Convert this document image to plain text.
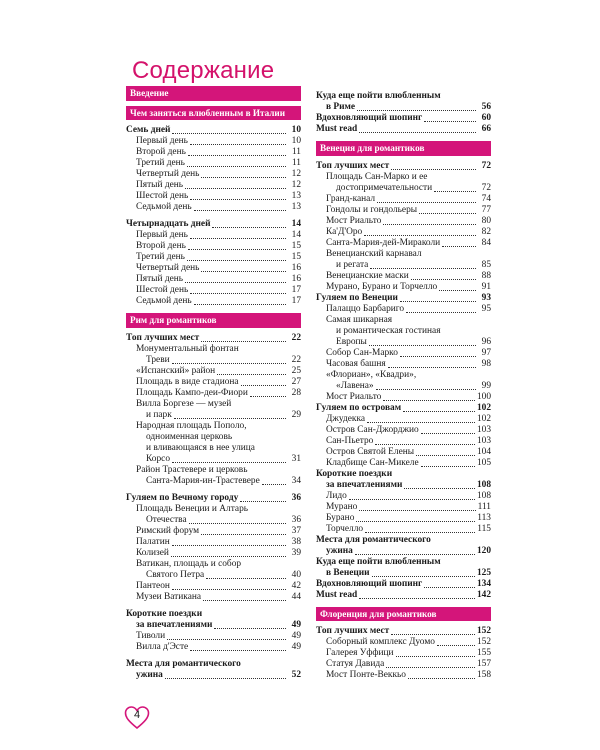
Содержание
Введение
Чем заняться влюбленным в Италии
Семь дней	10
Первый день	10
Второй день	11
Третий день	11
Четвертый день	12
Пятый день	12
Шестой день	13
Седьмой день	13
Четырнадцать дней	14
Первый день	14
Второй день	15
Третий день	15
Четвертый день	16
Пятый день	16
Шестой день	17
Седьмой день	17
Рим для романтиков
Топ лучших мест	22
Монументальный фонтан
Треви	22
«Испанский» район	25
Площадь в виде стадиона	27
Площадь Кампо-деи-Фиори	28
Вилла Боргезе — музей
и парк	29
Народная площадь Пополо,
одноименная церковь
и вливающаяся в нее улица
Корсо	31
Район Трастевере и церковь
Санта-Мария-ин-Трастевере	34
Гуляем по Вечному городу	36
Площадь Венеции и Алтарь
Отечества	36
Римский форум	37
Палатин	38
Колизей	39
Ватикан, площадь и собор
Святого Петра	40
Пантеон	42
Музеи Ватикана	44
Короткие поездки
за впечатлениями	49
Тиволи	49
Вилла д'Эсте	49
Места для романтического
ужина	52
Куда еще пойти влюбленным
в Риме	56
Вдохновляющий шопинг	60
Must read	66
Венеция для романтиков
Топ лучших мест	72
Площадь Сан-Марко и ее
достопримечательности	72
Гранд-канал	74
Гондолы и гондольеры	77
Мост Риальто	80
Ка'Д'Оро	82
Санта-Мария-дей-Мираколи	84
Венецианский карнавал
и регата	85
Венецианские маски	88
Мурано, Бурано и Торчелло	91
Гуляем по Венеции	93
Палаццо Барбариго	95
Самая шикарная
и романтическая гостиная
Европы	96
Собор Сан-Марко	97
Часовая башня	98
«Флориан», «Квадри»,
«Лавена»	99
Мост Риальто	100
Гуляем по островам	102
Джудекка	102
Остров Сан-Джорджио	103
Сан-Пьетро	103
Остров Святой Елены	104
Кладбище Сан-Микеле	105
Короткие поездки
за впечатлениями	108
Лидо	108
Мурано	111
Бурано	113
Торчелло	115
Места для романтического
ужина	120
Куда еще пойти влюбленным
в Венеции	125
Вдохновляющий шопинг	134
Must read	142
Флоренция для романтиков
Топ лучших мест	152
Соборный комплекс Дуомо	152
Галерея Уффици	155
Статуя Давида	157
Мост Понте-Веккьо	158
4
